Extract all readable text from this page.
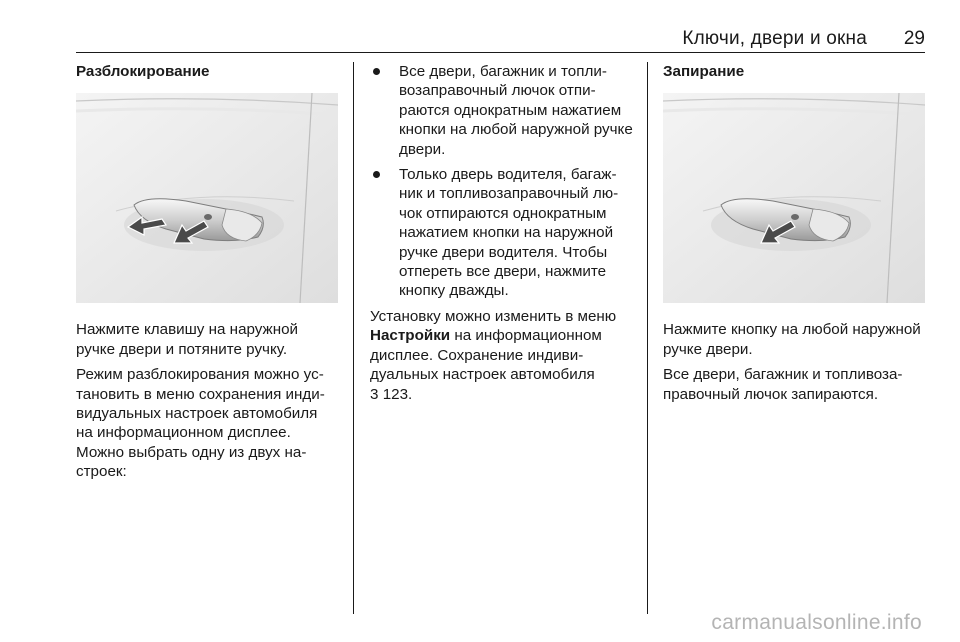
Ключи, двери и окна 29
Разблокирование

Нажмите клавишу на наружной ручке двери и потяните ручку.

Режим разблокирования можно установить в меню сохранения индивидуальных настроек автомобиля на информационном дисплее. Можно выбрать одну из двух настроек:

Все двери, багажник и топливозаправочный лючок отпираются однократным нажатием кнопки на любой наружной ручке двери.
Только дверь водителя, багажник и топливозаправочный лючок отпираются однократным нажатием кнопки на наружной ручке двери водителя. Чтобы отпереть все двери, нажмите кнопку дважды.

Установку можно изменить в меню Настройки на информационном дисплее. Сохранение индивидуальных настроек автомобиля
3 123.

Запирание

Нажмите кнопку на любой наружной ручке двери.

Все двери, багажник и топливозаправочный лючок запираются.

carmanualsonline.info
